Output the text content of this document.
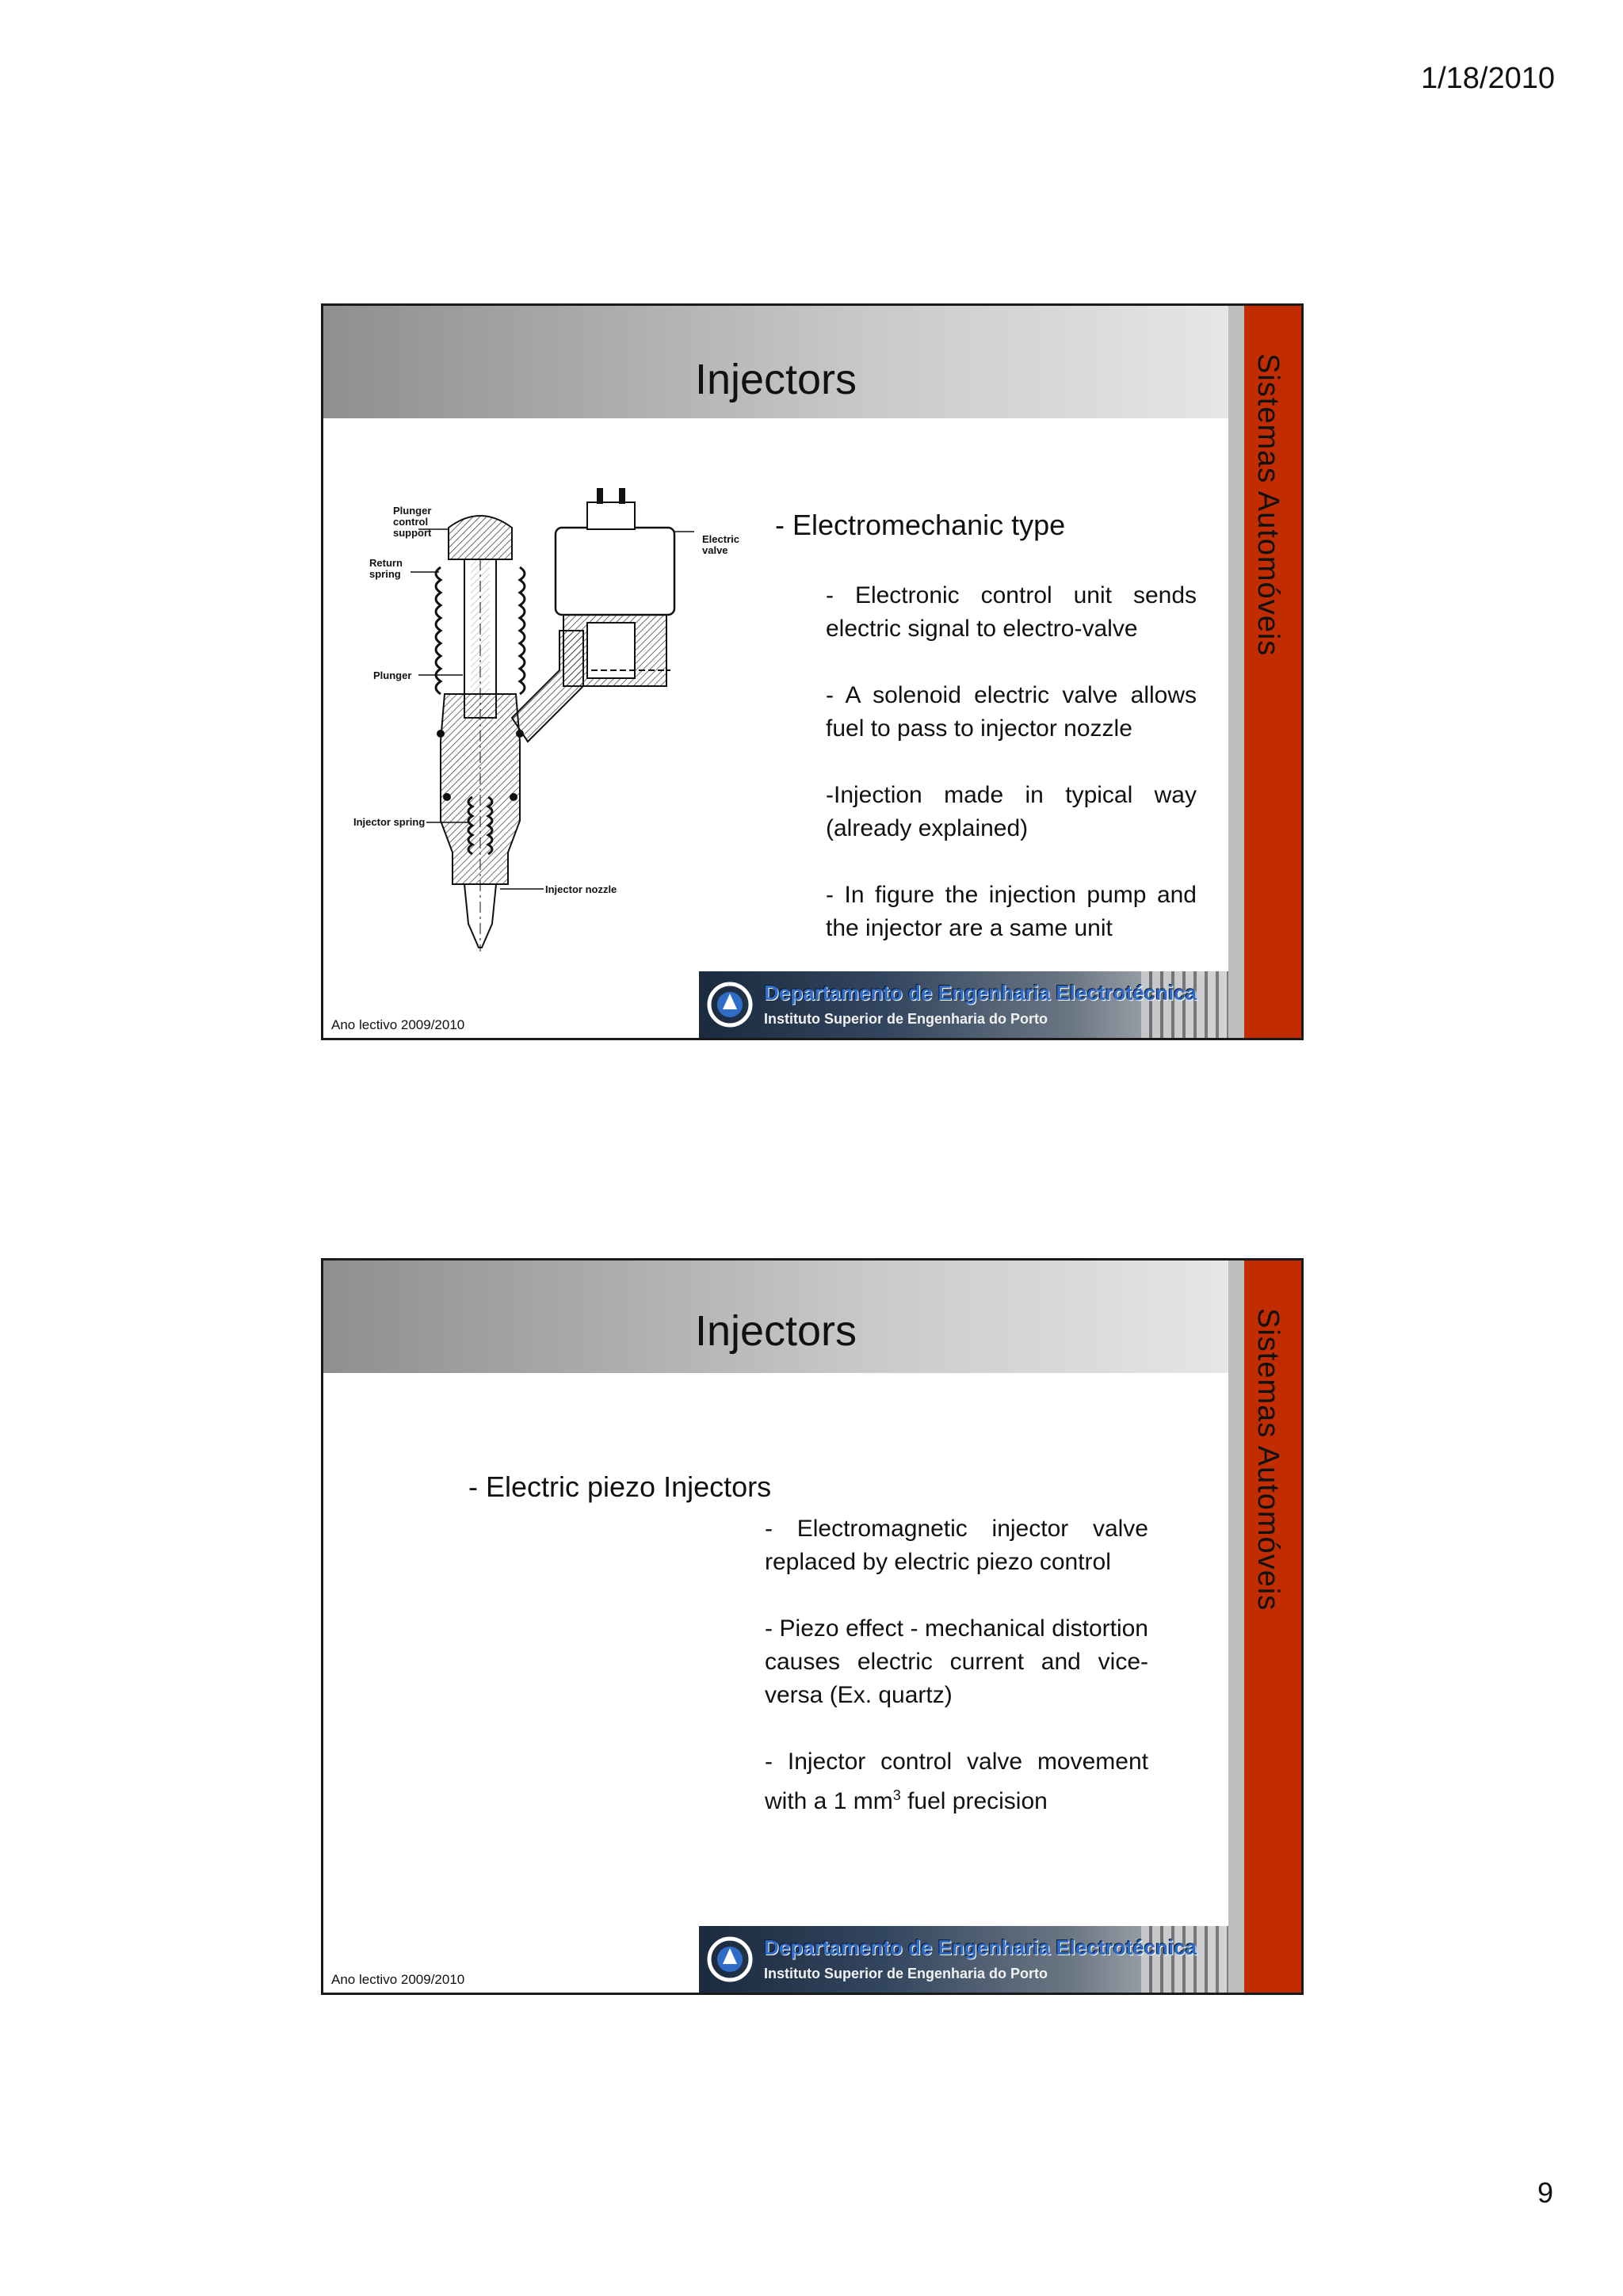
1/18/2010
Injectors	Sistemas Automóveis
Plunger control support
Return spring
Plunger
Injector spring
Injector nozzle
Electric valve
- Electromechanic type
- Electronic control unit sends electric signal to electro-valve
- A solenoid electric valve allows fuel to pass to injector nozzle
-Injection made in typical way (already explained)
- In figure the injection pump and the injector are a same unit
Ano lectivo 2009/2010
Departamento de Engenharia Electrotécnica
Instituto Superior de Engenharia do Porto
Injectors	Sistemas Automóveis
- Electric piezo Injectors
- Electromagnetic injector valve replaced by electric piezo control
- Piezo effect - mechanical distortion causes electric current and vice-versa (Ex. quartz)
- Injector control valve movement with a 1 $mm^3$ fuel precision
Ano lectivo 2009/2010
Departamento de Engenharia Electrotécnica
Instituto Superior de Engenharia do Porto
9
